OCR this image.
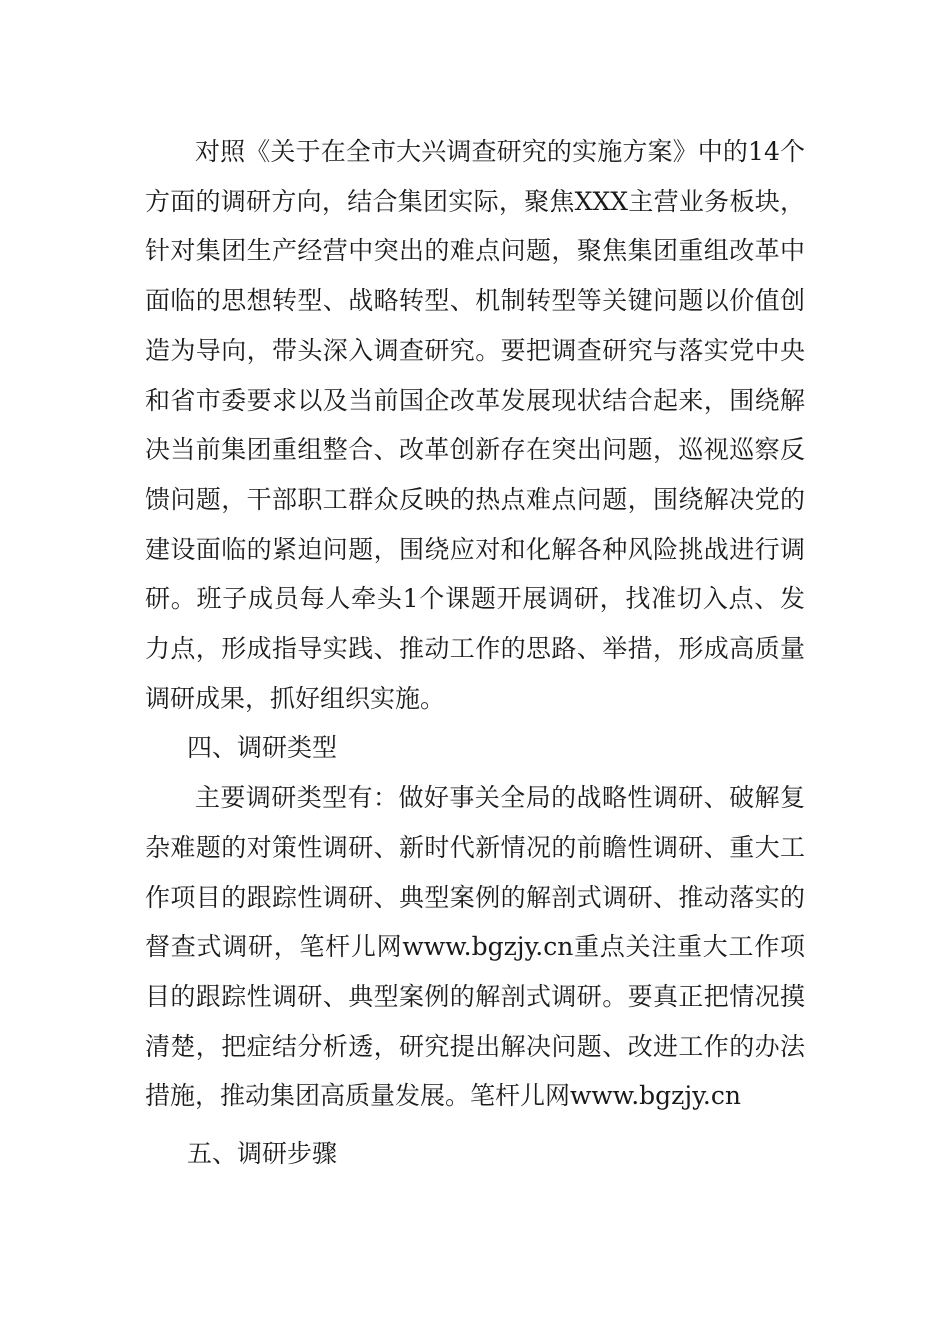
对照《关于在全市大兴调查研究的实施方案》中的14个方面的调研方向，结合集团实际，聚焦XXX主营业务板块，针对集团生产经营中突出的难点问题，聚焦集团重组改革中面临的思想转型、战略转型、机制转型等关键问题以价值创造为导向，带头深入调查研究。要把调查研究与落实党中央和省市委要求以及当前国企改革发展现状结合起来，围绕解决当前集团重组整合、改革创新存在突出问题，巡视巡察反馈问题，干部职工群众反映的热点难点问题，围绕解决党的建设面临的紧迫问题，围绕应对和化解各种风险挑战进行调研。班子成员每人牵头1个课题开展调研，找准切入点、发力点，形成指导实践、推动工作的思路、举措，形成高质量调研成果，抓好组织实施。

四、调研类型

主要调研类型有：做好事关全局的战略性调研、破解复杂难题的对策性调研、新时代新情况的前瞻性调研、重大工作项目的跟踪性调研、典型案例的解剖式调研、推动落实的督查式调研，笔杆儿网www.bgzjy.cn重点关注重大工作项目的跟踪性调研、典型案例的解剖式调研。要真正把情况摸清楚，把症结分析透，研究提出解决问题、改进工作的办法措施，推动集团高质量发展。笔杆儿网www.bgzjy.cn

五、调研步骤
